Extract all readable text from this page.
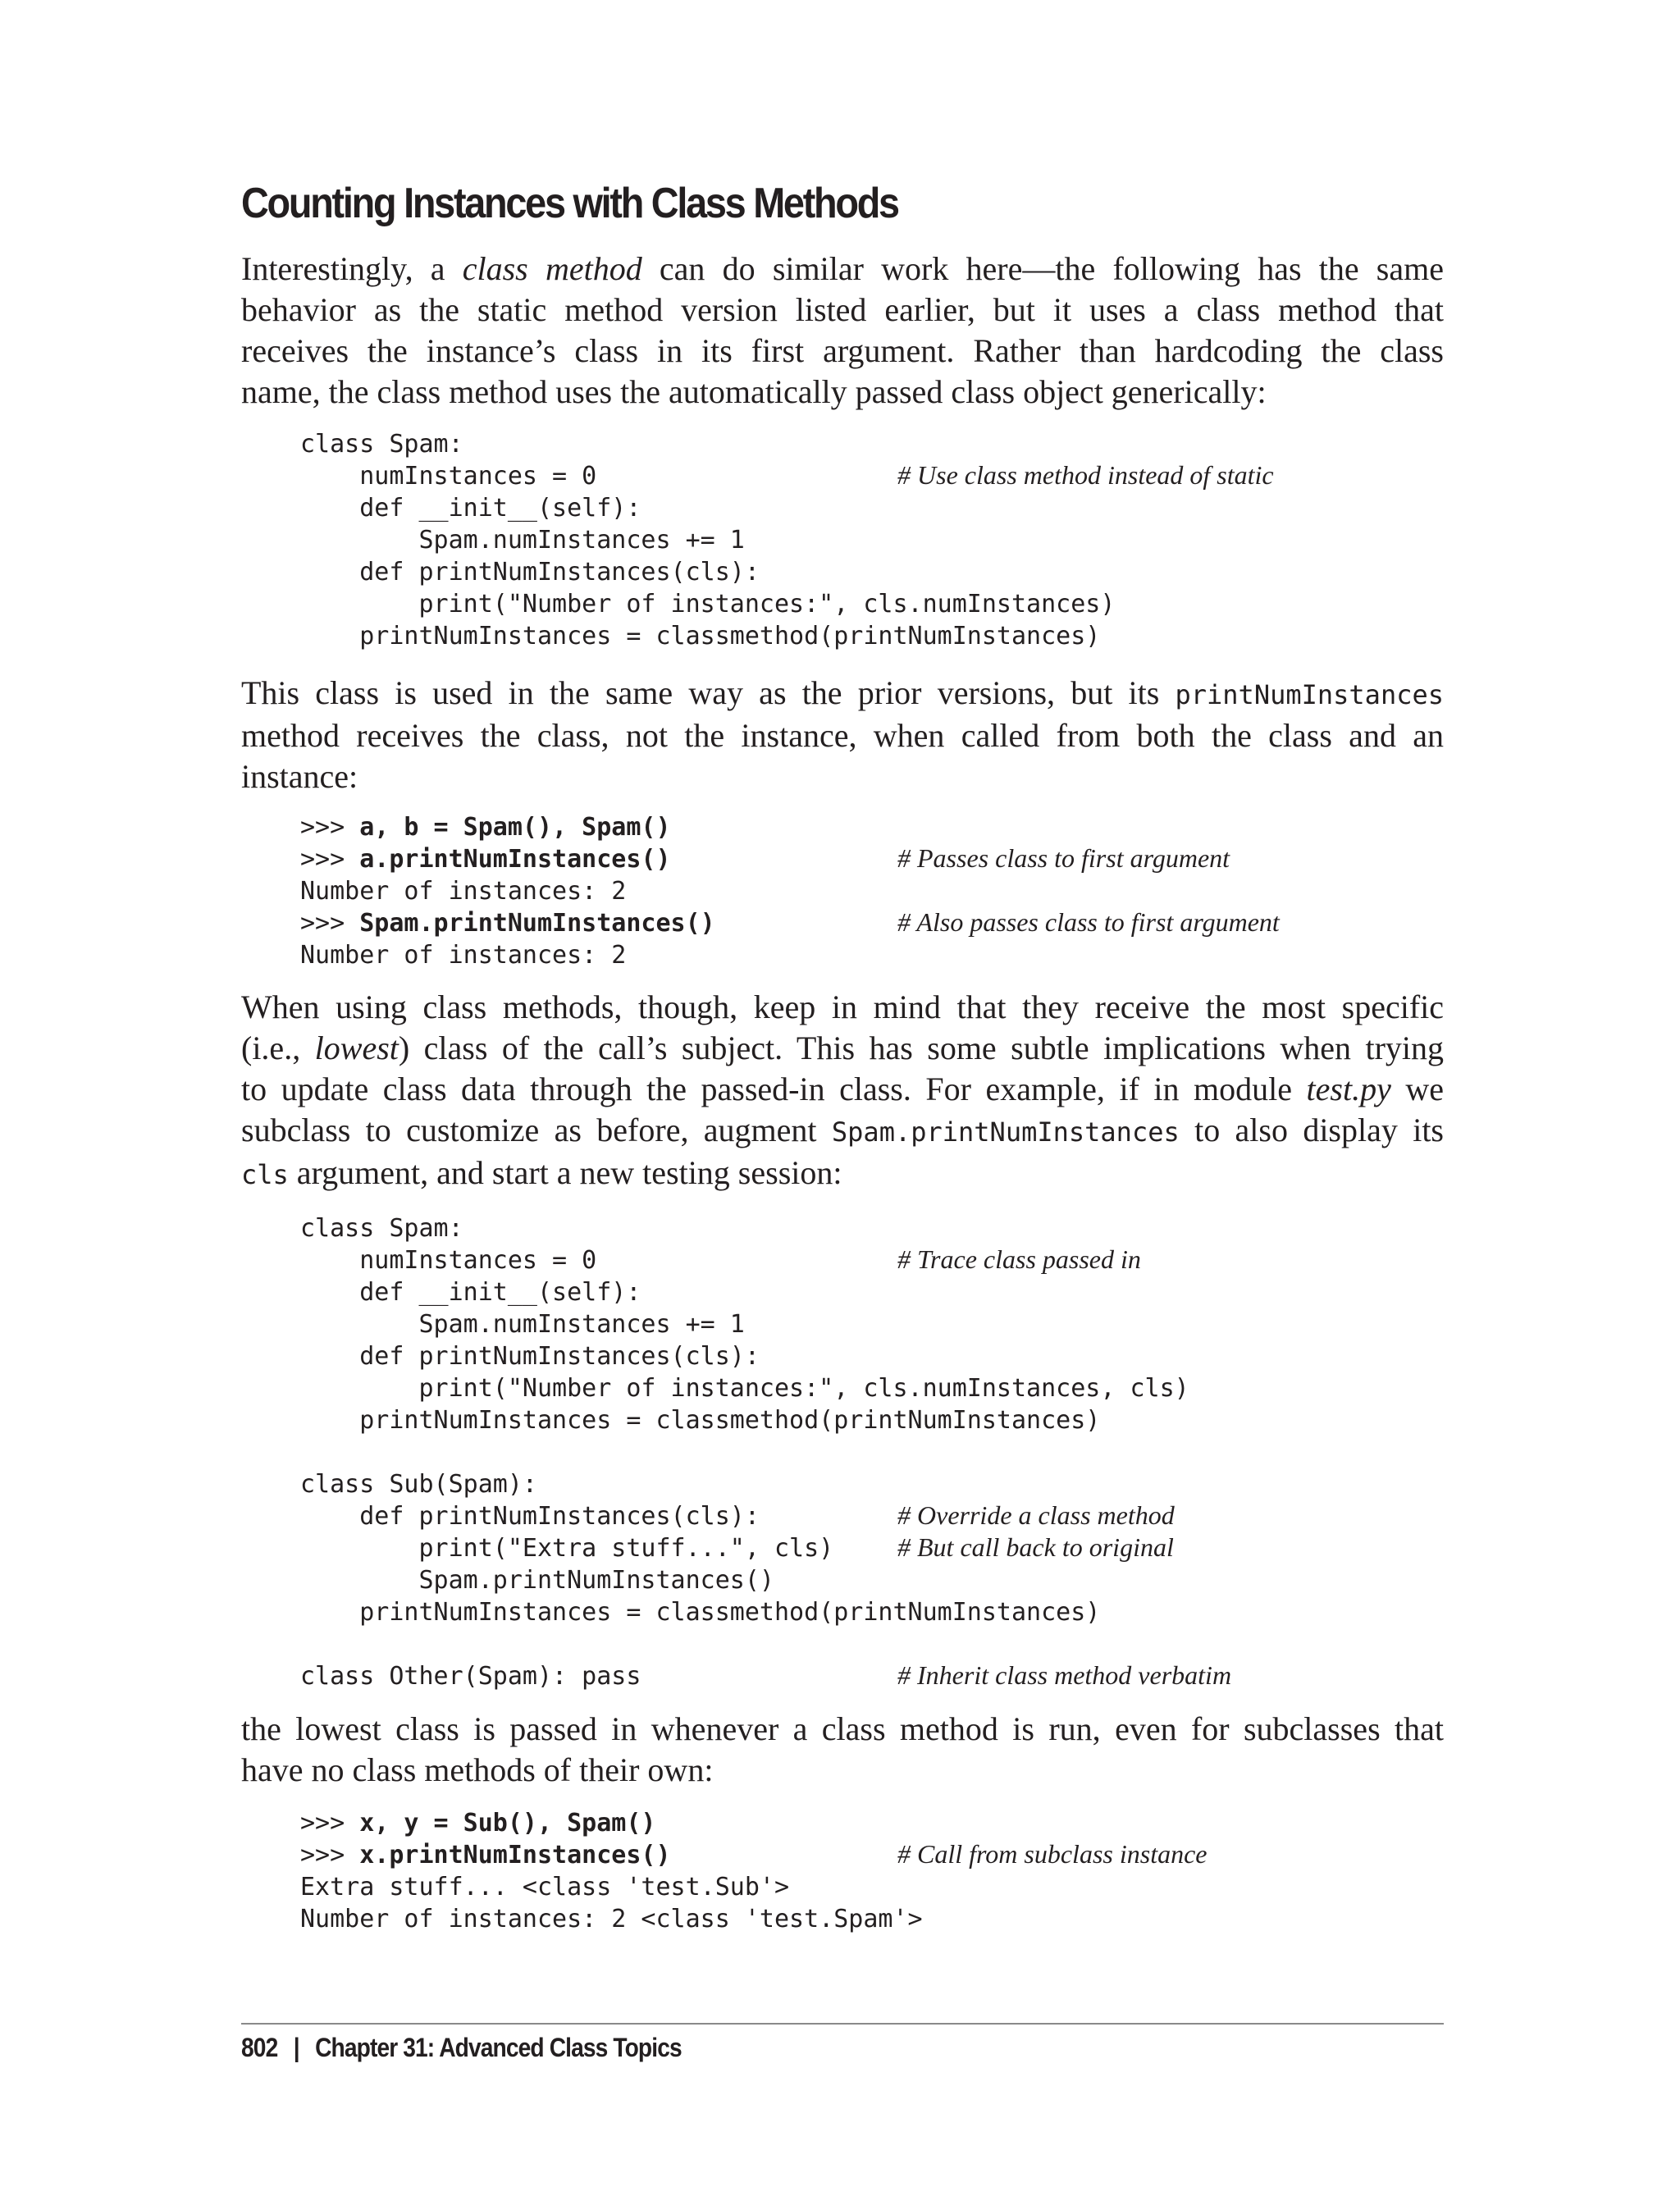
Counting Instances with Class Methods

Interestingly, a class method can do similar work here—the following has the same
behavior as the static method version listed earlier, but it uses a class method that
receives the instance’s class in its first argument. Rather than hardcoding the class
name, the class method uses the automatically passed class object generically:

class Spam:
numInstances = 0	# Use class method instead of static
def __init__(self):
Spam.numInstances += 1
def printNumInstances(cls):
print("Number of instances:", cls.numInstances)
printNumInstances = classmethod(printNumInstances)

This class is used in the same way as the prior versions, but its printNumInstances
method receives the class, not the instance, when called from both the class and an
instance:

>>> a, b = Spam(), Spam()
>>> a.printNumInstances()	# Passes class to first argument
Number of instances: 2
>>> Spam.printNumInstances()	# Also passes class to first argument
Number of instances: 2

When using class methods, though, keep in mind that they receive the most specific
(i.e., lowest) class of the call’s subject. This has some subtle implications when trying
to update class data through the passed-in class. For example, if in module test.py we
subclass to customize as before, augment Spam.printNumInstances to also display its
cls argument, and start a new testing session:

class Spam:
numInstances = 0	# Trace class passed in
def __init__(self):
Spam.numInstances += 1
def printNumInstances(cls):
print("Number of instances:", cls.numInstances, cls)
printNumInstances = classmethod(printNumInstances)
class Sub(Spam):
def printNumInstances(cls):	# Override a class method
print("Extra stuff...", cls) # But call back to original
Spam.printNumInstances()
printNumInstances = classmethod(printNumInstances)
class Other(Spam): pass	# Inherit class method verbatim

the lowest class is passed in whenever a class method is run, even for subclasses that
have no class methods of their own:

>>> x, y = Sub(), Spam()
>>> x.printNumInstances()	# Call from subclass instance
Extra stuff... <class 'test.Sub'>
Number of instances: 2 <class 'test.Spam'>
802 | Chapter 31: Advanced Class Topics
